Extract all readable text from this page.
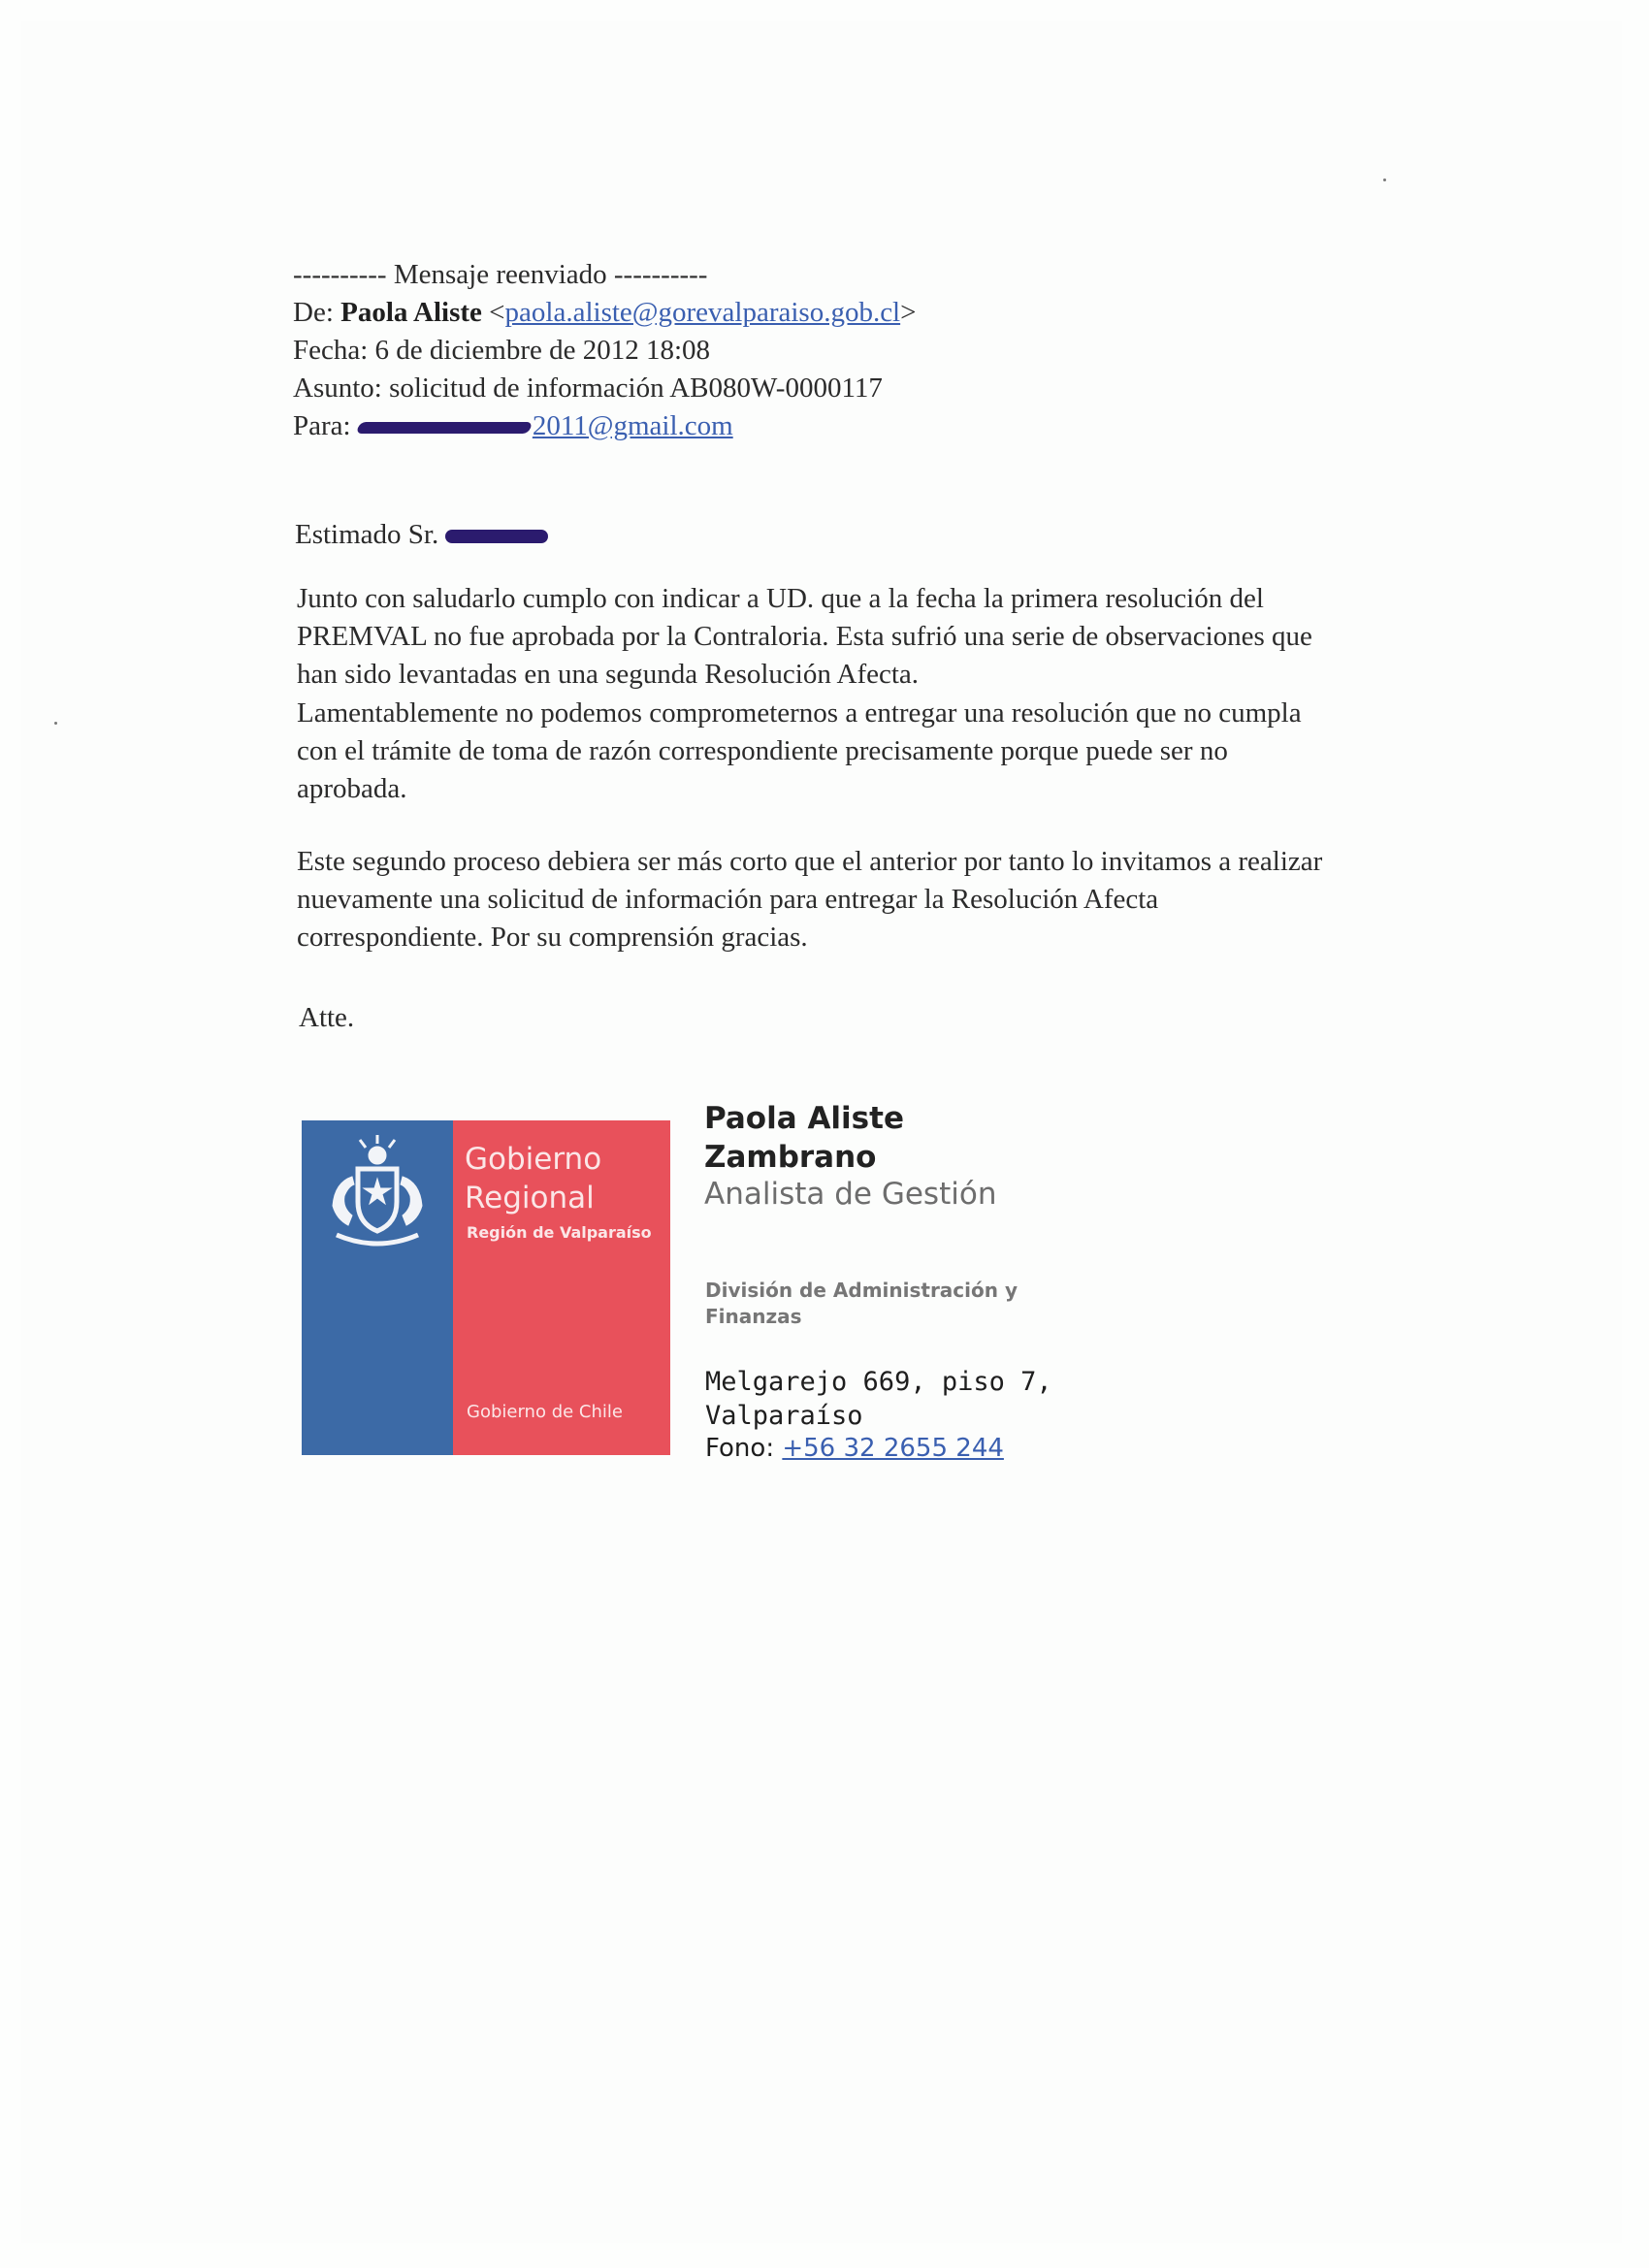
---------- Mensaje reenviado ----------
De: Paola Aliste <paola.aliste@gorevalparaiso.gob.cl>
Fecha: 6 de diciembre de 2012 18:08
Asunto: solicitud de información AB080W-0000117
Para:	2011@gmail.com
Estimado Sr.
Junto con saludarlo cumplo con indicar a UD. que a la fecha la primera resolución del
PREMVAL no fue aprobada por la Contraloria. Esta sufrió una serie de observaciones que
han sido levantadas en una segunda Resolución Afecta.
Lamentablemente no podemos comprometernos a entregar una resolución que no cumpla
con el trámite de toma de razón correspondiente precisamente porque puede ser no
aprobada.
Este segundo proceso debiera ser más corto que el anterior por tanto lo invitamos a realizar
nuevamente una solicitud de información para entregar la Resolución Afecta
correspondiente. Por su comprensión gracias.
Atte.
Gobierno
Regional
Región de Valparaíso
Gobierno de Chile
Paola Aliste
Zambrano
Analista de Gestión
División de Administración y
Finanzas
Melgarejo 669, piso 7,
Valparaíso
Fono: +56 32 2655 244
